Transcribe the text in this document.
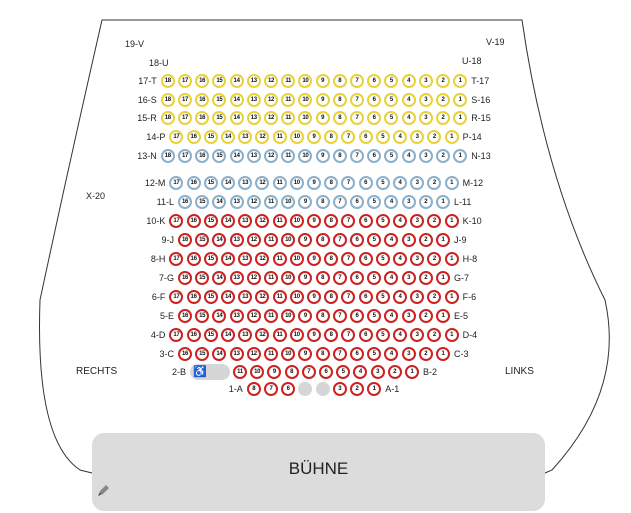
19-V	V-19
18-U	U-18
X-20
RECHTS	LINKS
17-T	T-17
18	17	16	15	14	13	12	11	10	9	8	7	6	5	4	3	2	1
16-S	S-16
18	17	16	15	14	13	12	11	10	9	8	7	6	5	4	3	2	1
15-R	R-15
18	17	16	15	14	13	12	11	10	9	8	7	6	5	4	3	2	1
14-P	P-14
17	16	15	14	13	12	11	10	9	8	7	6	5	4	3	2	1
13-N	N-13
18	17	16	15	14	13	12	11	10	9	8	7	6	5	4	3	2	1
12-M	M-12
17	16	15	14	13	12	11	10	9	8	7	6	5	4	3	2	1
11-L	L-11
16	15	14	13	12	11	10	9	8	7	6	5	4	3	2	1
10-K	K-10
17	16	15	14	13	12	11	10	9	8	7	6	5	4	3	2	1
9-J	J-9
16	15	14	13	12	11	10	9	8	7	6	5	4	3	2	1
8-H	H-8
17	16	15	14	13	12	11	10	9	8	7	6	5	4	3	2	1
7-G	G-7
16	15	14	13	12	11	10	9	8	7	6	5	4	3	2	1
6-F	F-6
17	16	15	14	13	12	11	10	9	8	7	6	5	4	3	2	1
5-E	E-5
16	15	14	13	12	11	10	9	8	7	6	5	4	3	2	1
4-D	D-4
17	16	15	14	13	12	11	10	9	8	7	6	5	4	3	2	1
3-C	C-3
16	15	14	13	12	11	10	9	8	7	6	5	4	3	2	1
♿
2-B	B-2
11	10	9	8	7	6	5	4	3	2	1
1-A	A-1
8	7	6	3	2	1
BÜHNE
